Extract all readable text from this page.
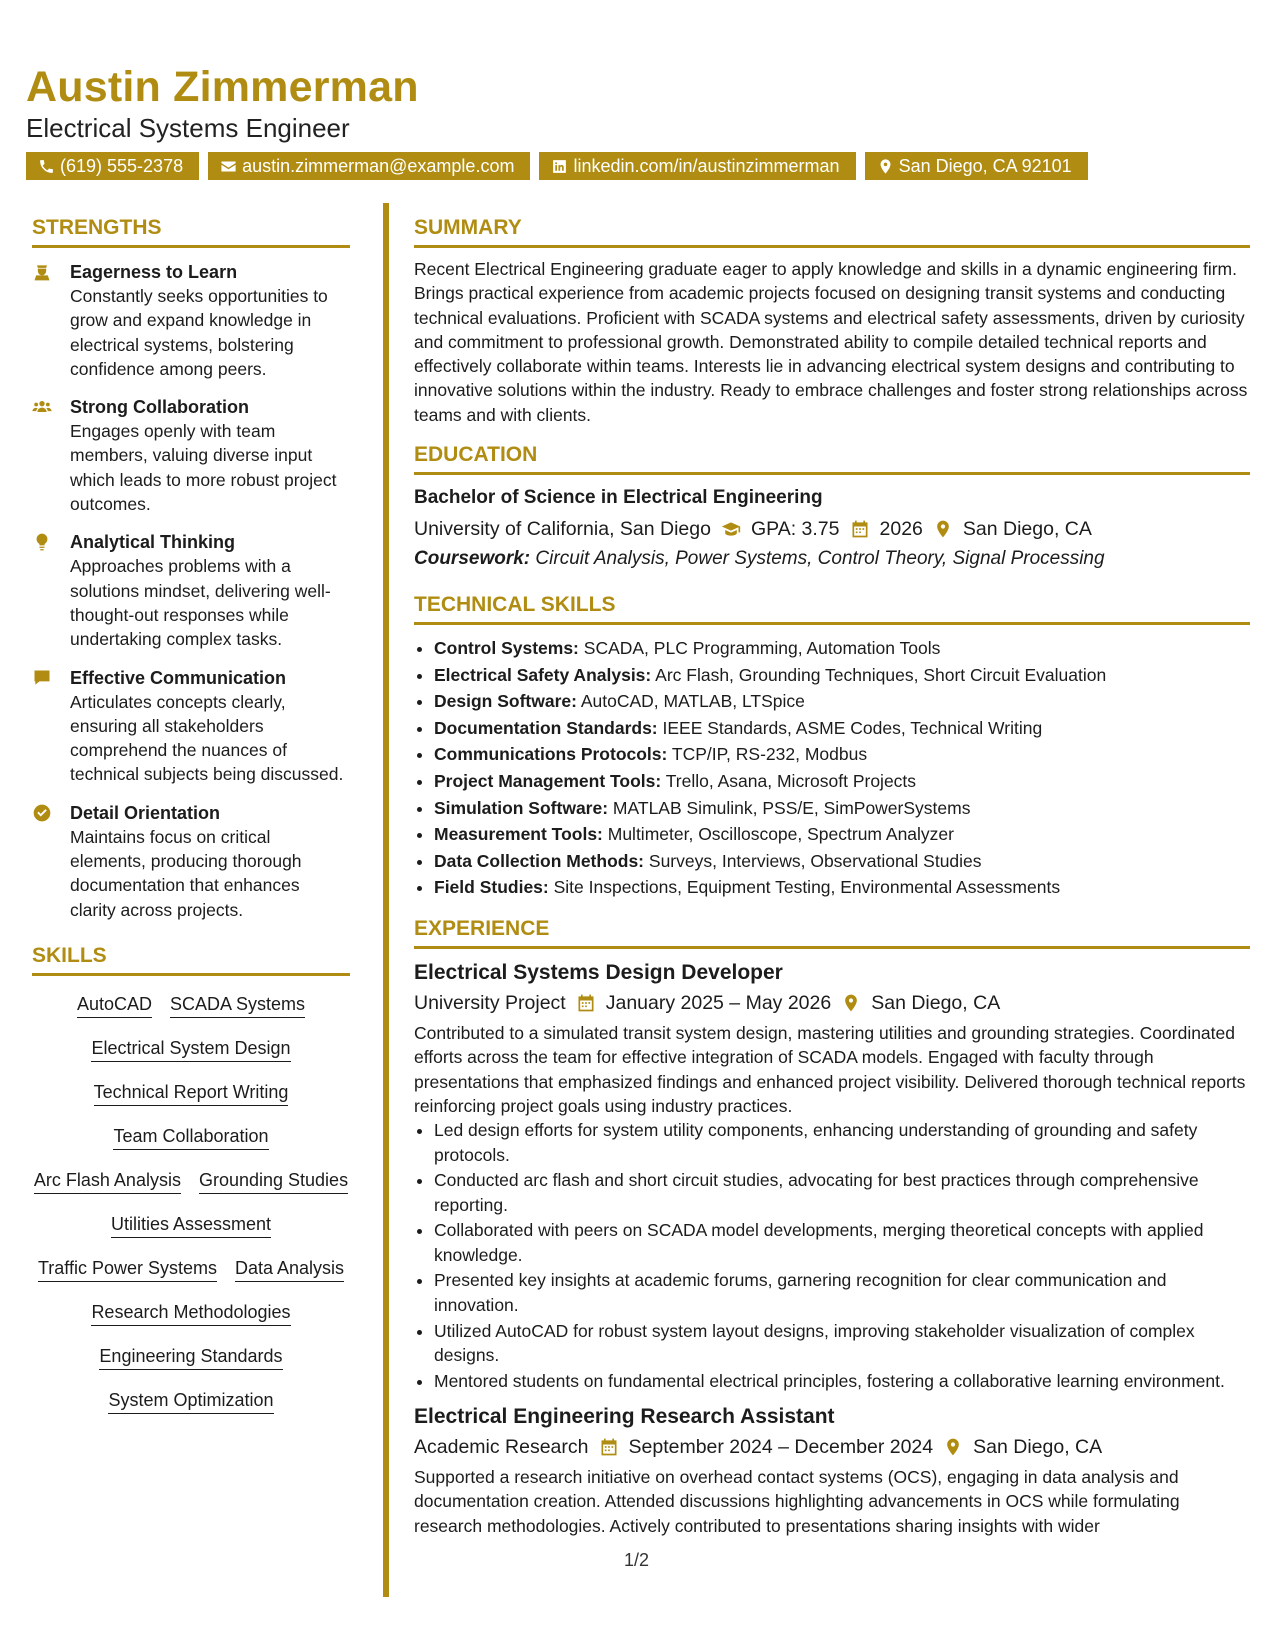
Austin Zimmerman
Electrical Systems Engineer
(619) 555-2378	austin.zimmerman@example.com	linkedin.com/in/austinzimmerman	San Diego, CA 92101
STRENGTHS
Eagerness to Learn
Constantly seeks opportunities to grow and expand knowledge in electrical systems, bolstering confidence among peers.
Strong Collaboration
Engages openly with team members, valuing diverse input which leads to more robust project outcomes.
Analytical Thinking
Approaches problems with a solutions mindset, delivering well-thought-out responses while undertaking complex tasks.
Effective Communication
Articulates concepts clearly, ensuring all stakeholders comprehend the nuances of technical subjects being discussed.
Detail Orientation
Maintains focus on critical elements, producing thorough documentation that enhances clarity across projects.
SKILLS
AutoCAD SCADA Systems
Electrical System Design
Technical Report Writing
Team Collaboration
Arc Flash Analysis Grounding Studies
Utilities Assessment
Traffic Power Systems Data Analysis
Research Methodologies
Engineering Standards
System Optimization
SUMMARY
Recent Electrical Engineering graduate eager to apply knowledge and skills in a dynamic engineering firm. Brings practical experience from academic projects focused on designing transit systems and conducting technical evaluations. Proficient with SCADA systems and electrical safety assessments, driven by curiosity and commitment to professional growth. Demonstrated ability to compile detailed technical reports and effectively collaborate within teams. Interests lie in advancing electrical system designs and contributing to innovative solutions within the industry. Ready to embrace challenges and foster strong relationships across teams and with clients.
EDUCATION
Bachelor of Science in Electrical Engineering
University of California, San Diego GPA: 3.75 2026 San Diego, CA
Coursework: Circuit Analysis, Power Systems, Control Theory, Signal Processing
TECHNICAL SKILLS
• Control Systems: SCADA, PLC Programming, Automation Tools
• Electrical Safety Analysis: Arc Flash, Grounding Techniques, Short Circuit Evaluation
• Design Software: AutoCAD, MATLAB, LTSpice
• Documentation Standards: IEEE Standards, ASME Codes, Technical Writing
• Communications Protocols: TCP/IP, RS-232, Modbus
• Project Management Tools: Trello, Asana, Microsoft Projects
• Simulation Software: MATLAB Simulink, PSS/E, SimPowerSystems
• Measurement Tools: Multimeter, Oscilloscope, Spectrum Analyzer
• Data Collection Methods: Surveys, Interviews, Observational Studies
• Field Studies: Site Inspections, Equipment Testing, Environmental Assessments
EXPERIENCE
Electrical Systems Design Developer
University Project January 2025 – May 2026 San Diego, CA
Contributed to a simulated transit system design, mastering utilities and grounding strategies. Coordinated efforts across the team for effective integration of SCADA models. Engaged with faculty through presentations that emphasized findings and enhanced project visibility. Delivered thorough technical reports reinforcing project goals using industry practices.
• Led design efforts for system utility components, enhancing understanding of grounding and safety protocols.
• Conducted arc flash and short circuit studies, advocating for best practices through comprehensive reporting.
• Collaborated with peers on SCADA model developments, merging theoretical concepts with applied knowledge.
• Presented key insights at academic forums, garnering recognition for clear communication and innovation.
• Utilized AutoCAD for robust system layout designs, improving stakeholder visualization of complex designs.
• Mentored students on fundamental electrical principles, fostering a collaborative learning environment.
Electrical Engineering Research Assistant
Academic Research September 2024 – December 2024 San Diego, CA
Supported a research initiative on overhead contact systems (OCS), engaging in data analysis and documentation creation. Attended discussions highlighting advancements in OCS while formulating research methodologies. Actively contributed to presentations sharing insights with wider
1/2
